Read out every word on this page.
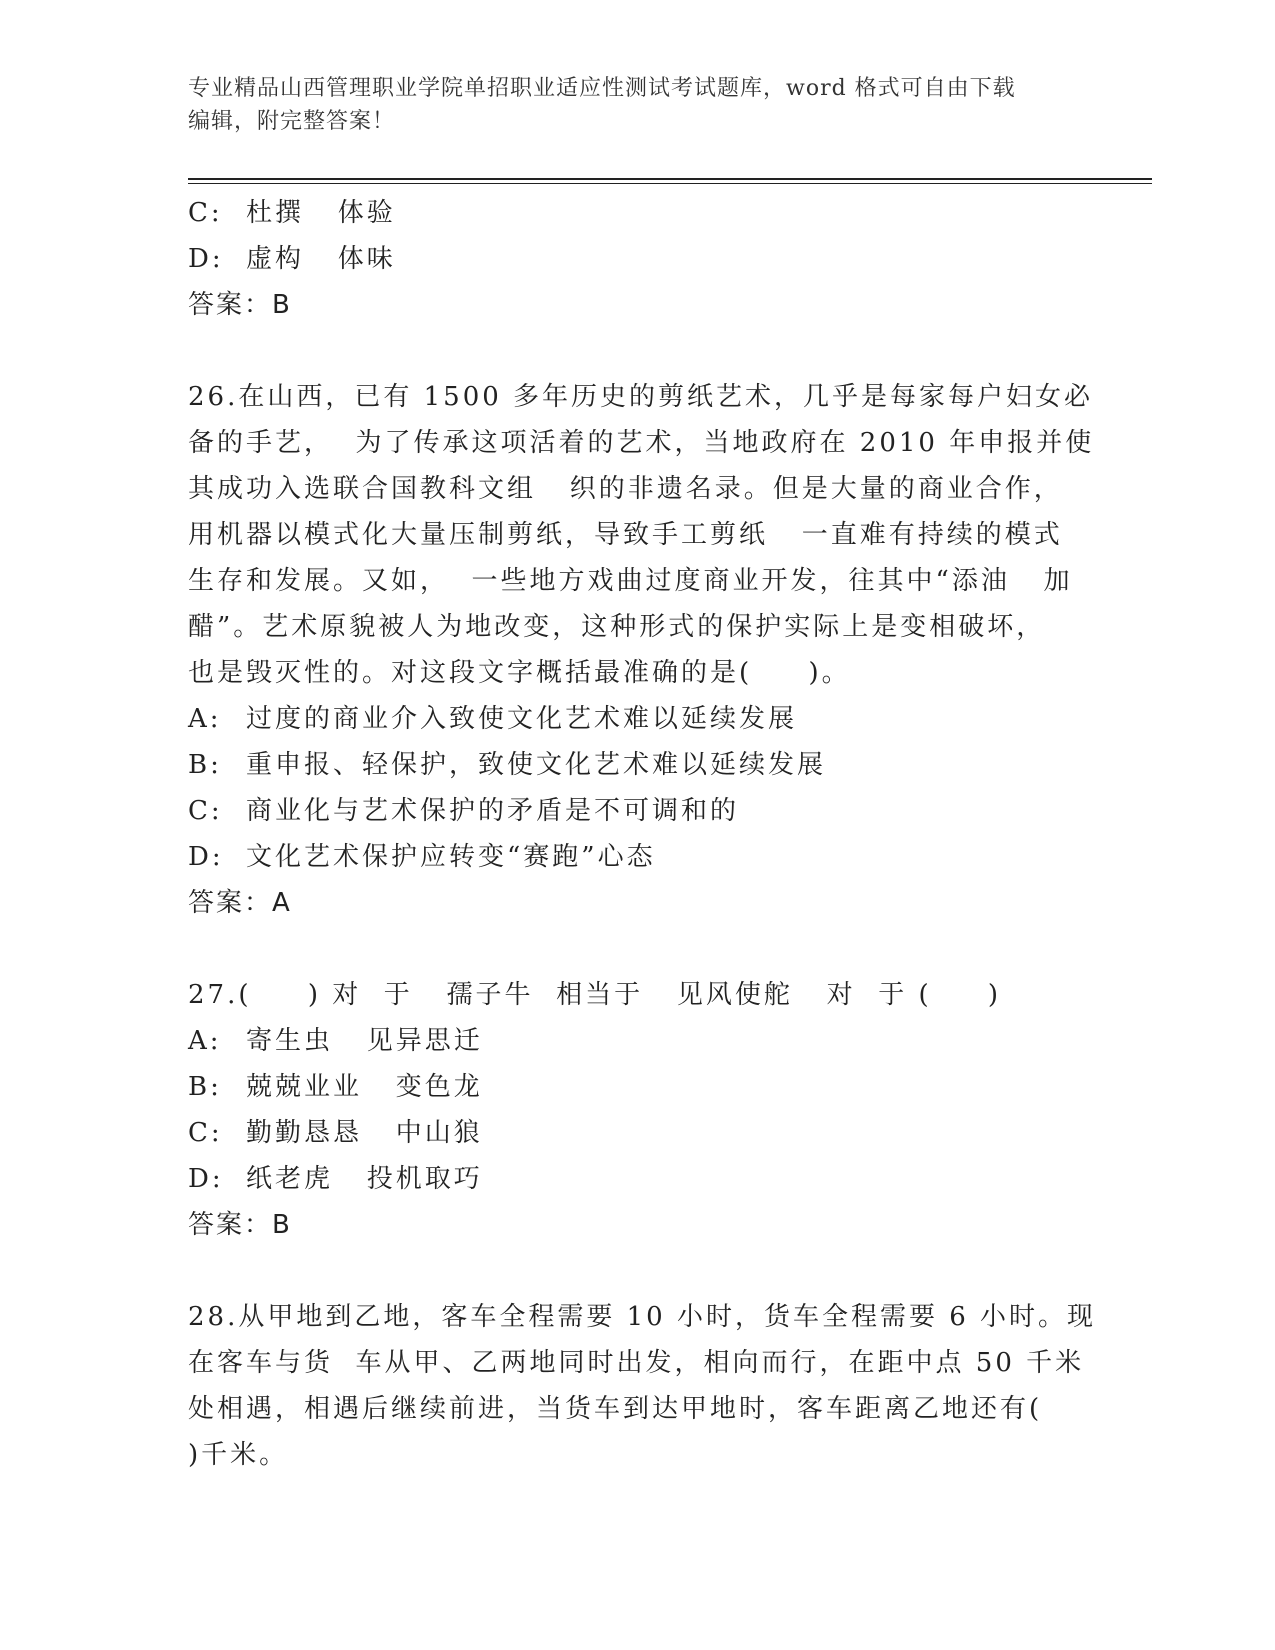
专业精品山西管理职业学院单招职业适应性测试考试题库，word 格式可自由下载
编辑，附完整答案！
C: 杜撰   体验
D: 虚构   体味
答案：B
26.在山西，已有 1500 多年历史的剪纸艺术，几乎是每家每户妇女必
备的手艺，  为了传承这项活着的艺术，当地政府在 2010 年申报并使
其成功入选联合国教科文组   织的非遗名录。但是大量的商业合作，
用机器以模式化大量压制剪纸，导致手工剪纸   一直难有持续的模式
生存和发展。又如，  一些地方戏曲过度商业开发，往其中“添油   加
醋”。艺术原貌被人为地改变，这种形式的保护实际上是变相破坏，
也是毁灭性的。对这段文字概括最准确的是(     )。
A: 过度的商业介入致使文化艺术难以延续发展
B: 重申报、轻保护，致使文化艺术难以延续发展
C: 商业化与艺术保护的矛盾是不可调和的
D: 文化艺术保护应转变“赛跑”心态
答案：A
27.(     ) 对  于   孺子牛  相当于   见风使舵   对  于 (     )
A: 寄生虫   见异思迁
B: 兢兢业业   变色龙
C: 勤勤恳恳   中山狼
D: 纸老虎   投机取巧
答案：B
28.从甲地到乙地，客车全程需要 10 小时，货车全程需要 6 小时。现
在客车与货  车从甲、乙两地同时出发，相向而行，在距中点 50 千米
处相遇，相遇后继续前进，当货车到达甲地时，客车距离乙地还有(
)千米。
